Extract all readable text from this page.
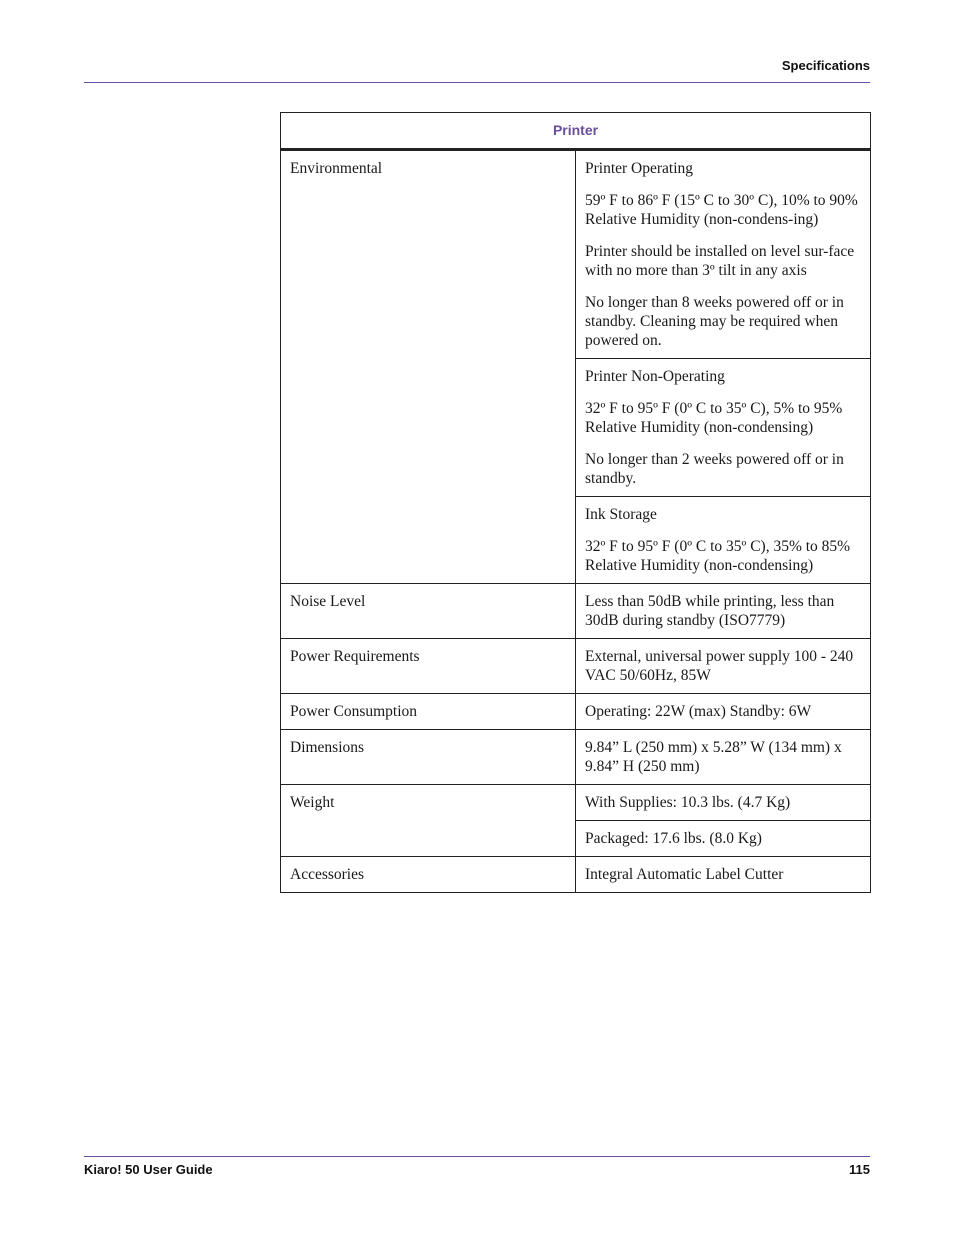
Specifications
Printer	
Environmental	Printer Operating

59º F to 86º F (15º C to 30º C), 10% to 90% Relative Humidity (non-condens-ing)

Printer should be installed on level sur-face with no more than 3º tilt in any axis

No longer than 8 weeks powered off or in standby. Cleaning may be required when powered on.

	Printer Non-Operating

32º F to 95º F (0º C to 35º C), 5% to 95% Relative Humidity (non-condensing)

No longer than 2 weeks powered off or in standby.

	Ink Storage

32º F to 95º F (0º C to 35º C), 35% to 85% Relative Humidity (non-condensing)

Noise Level	Less than 50dB while printing, less than 30dB during standby (ISO7779)
Power Requirements	External, universal power supply 100 - 240 VAC 50/60Hz, 85W
Power Consumption	Operating: 22W (max) Standby: 6W
Dimensions	9.84” L (250 mm) x 5.28” W (134 mm) x 9.84” H (250 mm)
Weight	With Supplies: 10.3 lbs. (4.7 Kg)
	Packaged: 17.6 lbs. (8.0 Kg)
Accessories	Integral Automatic Label Cutter
Kiaro! 50 User Guide	115
